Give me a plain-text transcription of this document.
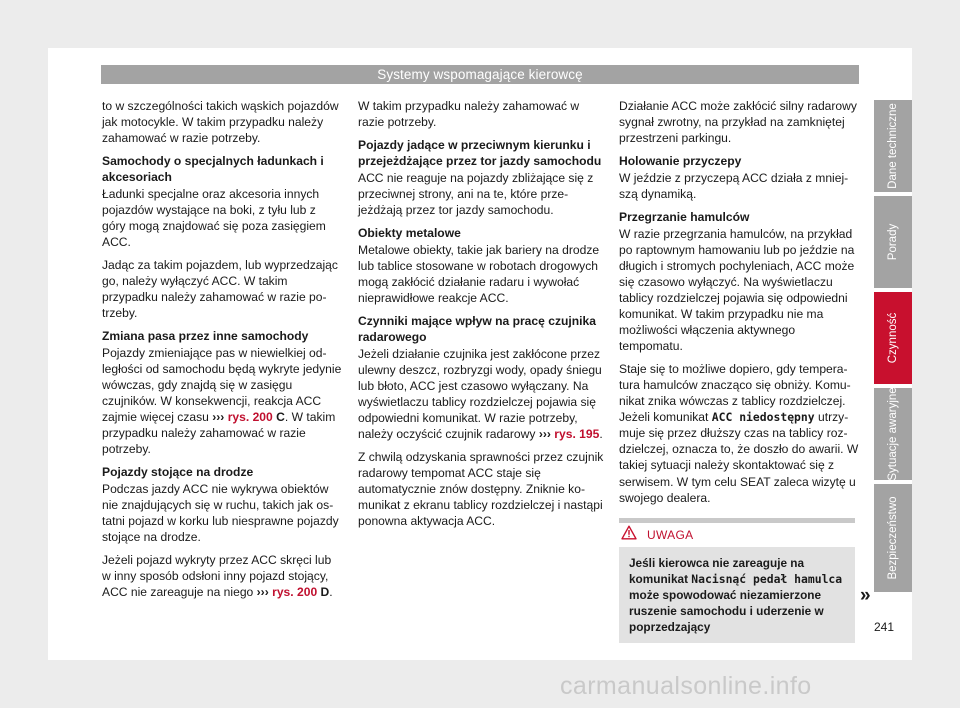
Systemy wspomagające kierowcę

to w szczególności takich wąskich pojazdów jak motocykle. W takim przypadku należy zahamować w razie potrzeby.

Samochody o specjalnych ładunkach i akcesoriach

Ładunki specjalne oraz akcesoria innych pojazdów wystające na boki, z tyłu lub z góry mogą znajdować się poza zasięgiem ACC.

Jadąc za takim pojazdem, lub wyprzedzając go, należy wyłączyć ACC. W takim przypadku należy zahamować w razie potrzeby.

Zmiana pasa przez inne samochody

Pojazdy zmieniające pas w niewielkiej odległości od samochodu będą wykryte jedynie wówczas, gdy znajdą się w zasięgu czujników. W konsekwencji, reakcja ACC zajmie więcej czasu ››› rys. 200 C. W takim przypadku należy zahamować w razie potrzeby.

Pojazdy stojące na drodze

Podczas jazdy ACC nie wykrywa obiektów nie znajdujących się w ruchu, takich jak ostatni pojazd w korku lub niesprawne pojazdy stojące na drodze.

Jeżeli pojazd wykryty przez ACC skręci lub w inny sposób odsłoni inny pojazd stojący, ACC nie zareaguje na niego ››› rys. 200 D.

W takim przypadku należy zahamować w razie potrzeby.

Pojazdy jadące w przeciwnym kierunku i przejeżdżające przez tor jazdy samochodu

ACC nie reaguje na pojazdy zbliżające się z przeciwnej strony, ani na te, które przejeżdżają przez tor jazdy samochodu.

Obiekty metalowe

Metalowe obiekty, takie jak bariery na drodze lub tablice stosowane w robotach drogowych mogą zakłócić działanie radaru i wywołać nieprawidłowe reakcje ACC.

Czynniki mające wpływ na pracę czujnika radarowego

Jeżeli działanie czujnika jest zakłócone przez ulewny deszcz, rozbryzgi wody, opady śniegu lub błoto, ACC jest czasowo wyłączany. Na wyświetlaczu tablicy rozdzielczej pojawia się odpowiedni komunikat. W razie potrzeby, należy oczyścić czujnik radarowy ››› rys. 195.

Z chwilą odzyskania sprawności przez czujnik radarowy tempomat ACC staje się automatycznie znów dostępny. Zniknie komunikat z ekranu tablicy rozdzielczej i nastąpi ponowna aktywacja ACC.

Działanie ACC może zakłócić silny radarowy sygnał zwrotny, na przykład na zamkniętej przestrzeni parkingu.

Holowanie przyczepy

W jeździe z przyczepą ACC działa z mniejszą dynamiką.

Przegrzanie hamulców

W razie przegrzania hamulców, na przykład po raptownym hamowaniu lub po jeździe na długich i stromych pochyleniach, ACC może się czasowo wyłączyć. Na wyświetlaczu tablicy rozdzielczej pojawia się odpowiedni komunikat. W takim przypadku nie ma możliwości włączenia aktywnego tempomatu.

Staje się to możliwe dopiero, gdy temperatura hamulców znacząco się obniży. Komunikat znika wówczas z tablicy rozdzielczej. Jeżeli komunikat ACC niedostępny utrzymuje się przez dłuższy czas na tablicy rozdzielczej, oznacza to, że doszło do awarii. W takiej sytuacji należy skontaktować się z serwisem. W tym celu SEAT zaleca wizytę u swojego dealera.

UWAGA
Jeśli kierowca nie zareaguje na komunikat Nacisnąć pedał hamulca może spowodować niezamierzone ruszenie samochodu i uderzenie w poprzedzający
»
241
Dane techniczne
Porady
Czynność
Sytuacje awaryjne
Bezpieczeństwo
carmanualsonline.info
